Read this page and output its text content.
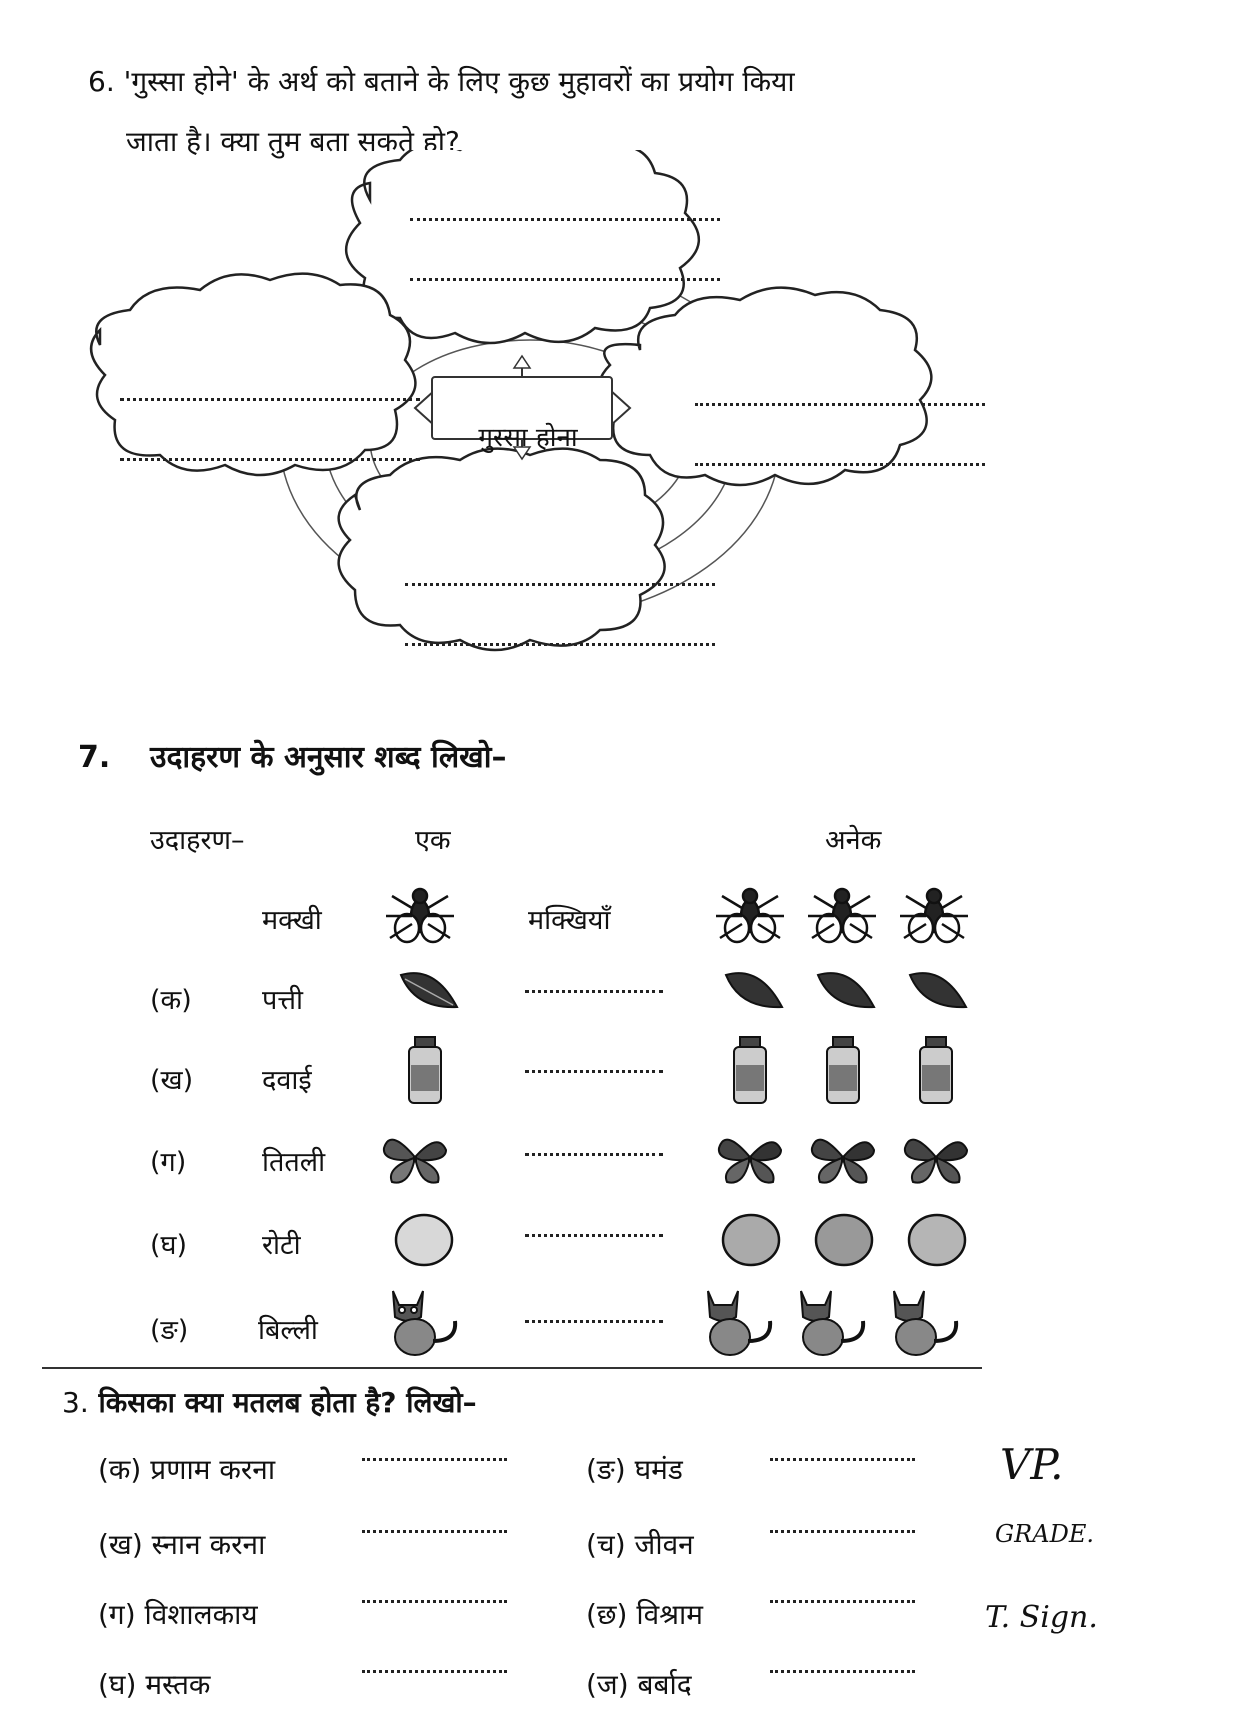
6. 'गुस्सा होने' के अर्थ को बताने के लिए कुछ मुहावरों का प्रयोग किया
जाता है। क्या तुम बता सकते हो?
गुस्सा होना
7. उदाहरण के अनुसार शब्द लिखो–
उदाहरण–	एक	अनेक
मक्खी	मक्खियाँ
(क)	पत्ती
(ख)	दवाई
(ग)	तितली
(घ)	रोटी
(ङ)	बिल्ली
3. किसका क्या मतलब होता है? लिखो–
(क) प्रणाम करना
(ख) स्नान करना
(ग) विशालकाय
(घ) मस्तक
(ङ) घमंड
(च) जीवन
(छ) विश्राम
(ज) बर्बाद
VP.
GRADE.
T. Sign.
